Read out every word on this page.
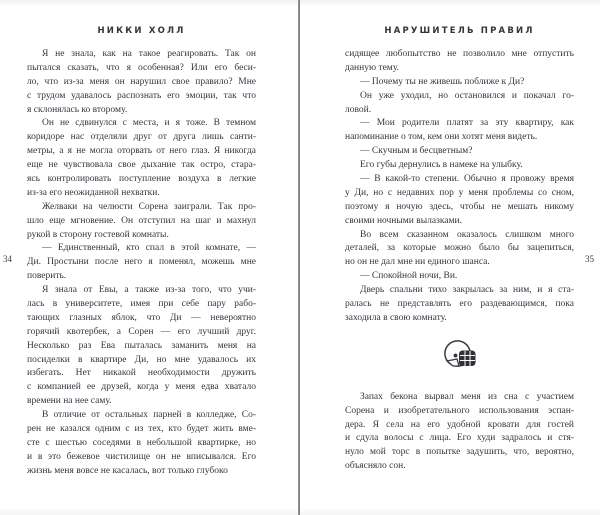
НИККИ ХОЛЛ
Я не знала, как на такое реагировать. Так он
пытался сказать, что я особенная? Или его беси-
ло, что из-за меня он нарушил свое правило? Мне
с трудом удавалось распознать его эмоции, так что
я склонялась ко второму.
Он не сдвинулся с места, и я тоже. В темном
коридоре нас отделяли друг от друга лишь санти-
метры, а я не могла оторвать от него глаз. Я никогда
еще не чувствовала свое дыхание так остро, стара-
ясь контролировать поступление воздуха в легкие
из-за его неожиданной нехватки.
Желваки на челюсти Сорена заиграли. Так про-
шло еще мгновение. Он отступил на шаг и махнул
рукой в сторону гостевой комнаты.
— Единственный, кто спал в этой комнате, —
Ди. Простыни после него я поменял, можешь мне
поверить.
Я знала от Евы, а также из-за того, что учи-
лась в университете, имея при себе пару рабо-
тающих глазных яблок, что Ди — невероятно
горячий квотербек, а Сорен — его лучший друг.
Несколько раз Ева пыталась заманить меня на
посиделки в квартире Ди, но мне удавалось их
избегать. Нет никакой необходимости дружить
с компанией ее друзей, когда у меня едва хватало
времени на нее саму.
В отличие от остальных парней в колледже, Со-
рен не казался одним с из тех, кто будет жить вме-
сте с шестью соседями в небольшой квартирке, но
и в это бежевое чистилище он не вписывался. Его
жизнь меня вовсе не касалась, вот только глубоко
34
НАРУШИТЕЛЬ ПРАВИЛ
сидящее любопытство не позволило мне отпустить
данную тему.
— Почему ты не живешь поближе к Ди?
Он уже уходил, но остановился и покачал го-
ловой.
— Мои родители платят за эту квартиру, как
напоминание о том, кем они хотят меня видеть.
— Скучным и бесцветным?
Его губы дернулись в намеке на улыбку.
— В какой-то степени. Обычно я провожу время
у Ди, но с недавних пор у меня проблемы со сном,
поэтому я ночую здесь, чтобы не мешать никому
своими ночными вылазками.
Во всем сказанном оказалось слишком много
деталей, за которые можно было бы зацепиться,
но он не дал мне ни единого шанса.
— Спокойной ночи, Ви.
Дверь спальни тихо закрылась за ним, и я ста-
ралась не представлять его раздевающимся, пока
заходила в свою комнату.
Запах бекона вырвал меня из сна с участием
Сорена и изобретательного использования эспан-
дера. Я села на его удобной кровати для гостей
и сдула волосы с лица. Его худи задралось и стя-
нуло мой торс в попытке задушить, что, вероятно,
объясняло сон.
35
